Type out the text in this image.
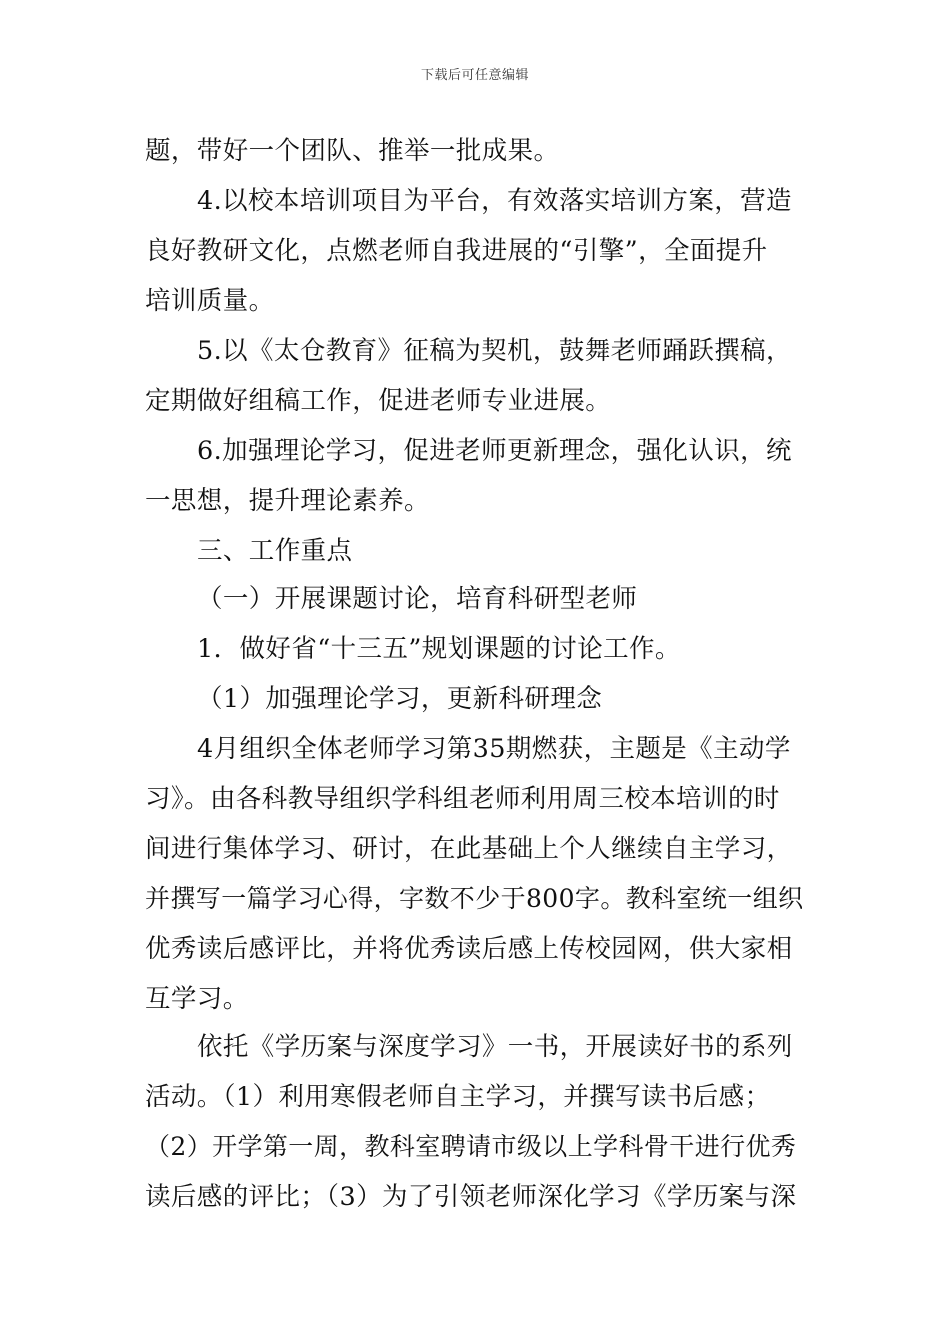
下载后可任意编辑
题，带好一个团队、推举一批成果。
4.以校本培训项目为平台，有效落实培训方案，营造
良好教研文化，点燃老师自我进展的“引擎”，全面提升
培训质量。
5.以《太仓教育》征稿为契机，鼓舞老师踊跃撰稿，
定期做好组稿工作，促进老师专业进展。
6.加强理论学习，促进老师更新理念，强化认识，统
一思想，提升理论素养。
三、工作重点
（一）开展课题讨论，培育科研型老师
1．做好省“十三五”规划课题的讨论工作。
（1）加强理论学习，更新科研理念
4月组织全体老师学习第35期燃获，主题是《主动学
习》。由各科教导组织学科组老师利用周三校本培训的时
间进行集体学习、研讨，在此基础上个人继续自主学习，
并撰写一篇学习心得，字数不少于800字。教科室统一组织
优秀读后感评比，并将优秀读后感上传校园网，供大家相
互学习。
依托《学历案与深度学习》一书，开展读好书的系列
活动。（1）利用寒假老师自主学习，并撰写读书后感；
（2）开学第一周，教科室聘请市级以上学科骨干进行优秀
读后感的评比；（3）为了引领老师深化学习《学历案与深
